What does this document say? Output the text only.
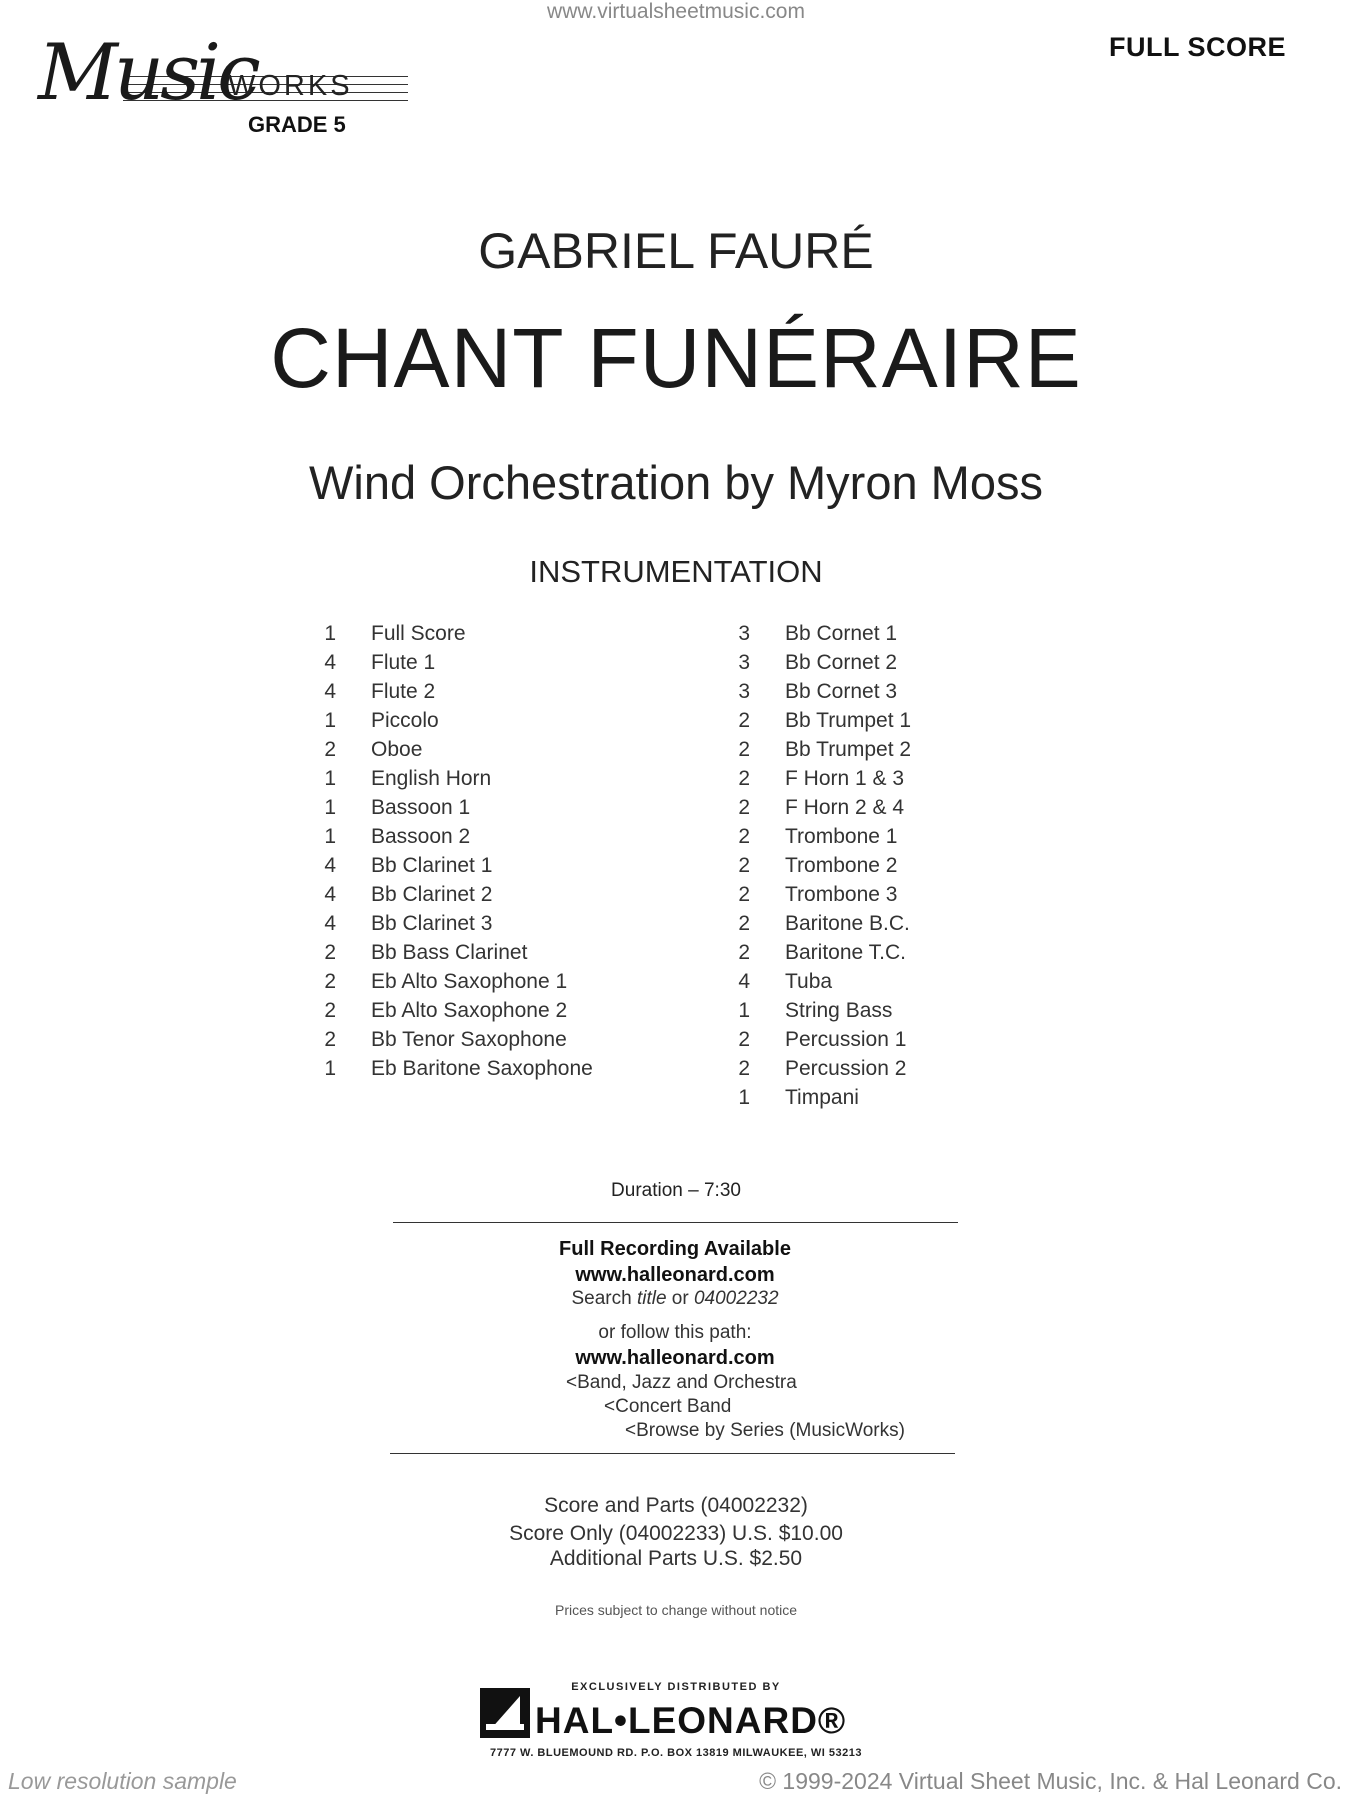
www.virtualsheetmusic.com
FULL SCORE
Music
WORKS
GRADE 5
GABRIEL FAURÉ
CHANT FUNÉRAIRE
Wind Orchestration by Myron Moss
INSTRUMENTATION
1 Full Score
4 Flute 1
4 Flute 2
1 Piccolo
2 Oboe
1 English Horn
1 Bassoon 1
1 Bassoon 2
4 Bb Clarinet 1
4 Bb Clarinet 2
4 Bb Clarinet 3
2 Bb Bass Clarinet
2 Eb Alto Saxophone 1
2 Eb Alto Saxophone 2
2 Bb Tenor Saxophone
1 Eb Baritone Saxophone
3 Bb Cornet 1
3 Bb Cornet 2
3 Bb Cornet 3
2 Bb Trumpet 1
2 Bb Trumpet 2
2 F Horn 1 & 3
2 F Horn 2 & 4
2 Trombone 1
2 Trombone 2
2 Trombone 3
2 Baritone B.C.
2 Baritone T.C.
4 Tuba
1 String Bass
2 Percussion 1
2 Percussion 2
1 Timpani
Duration – 7:30
Full Recording Available
www.halleonard.com
Search title or 04002232
or follow this path:
www.halleonard.com
<Band, Jazz and Orchestra
<Concert Band
<Browse by Series (MusicWorks)
Score and Parts (04002232)
Score Only (04002233) U.S. $10.00
Additional Parts U.S. $2.50
Prices subject to change without notice
EXCLUSIVELY DISTRIBUTED BY
HAL•LEONARD®
7777 W. BLUEMOUND RD. P.O. BOX 13819 MILWAUKEE, WI 53213
Low resolution sample	© 1999-2024 Virtual Sheet Music, Inc. & Hal Leonard Co.
